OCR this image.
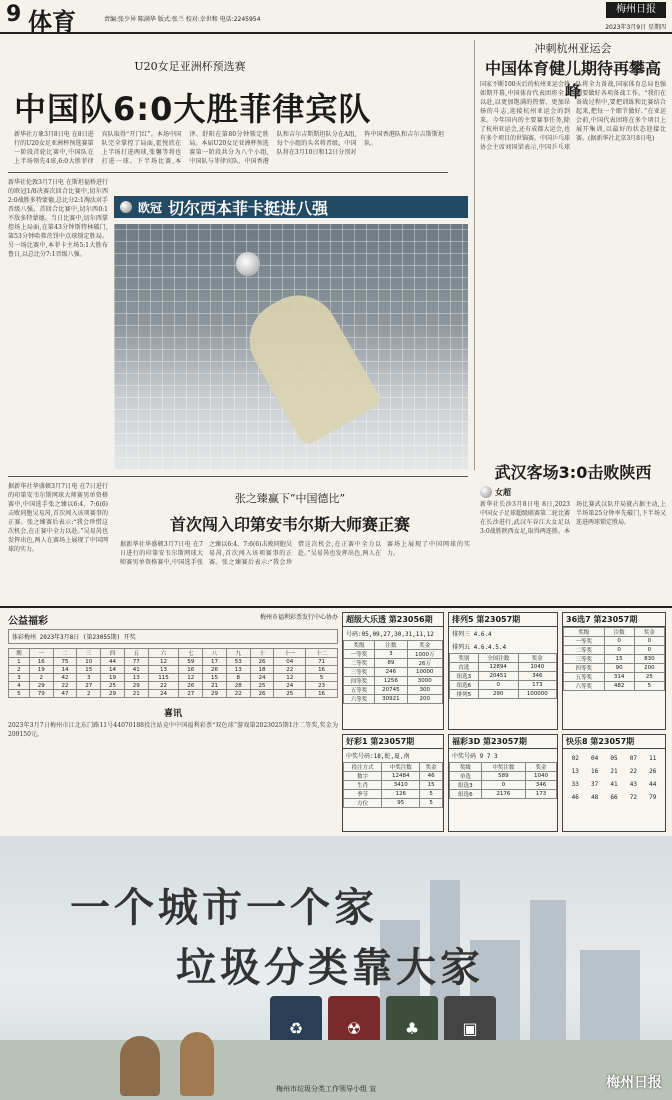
9 体育	责编:张少异 陈满华 版式:张兰 校对:幸世和 电话:2245954
梅州日报
2023年3月9日 星期四
U20女足亚洲杯预选赛
中国队6:0大胜菲律宾队
新华社万象3月8日电 在8日进行的U20女足亚洲杯预选赛第一阶段首轮比赛中,中国队在上半场领先4球,6:0大胜菲律宾队取得“开门红”。本场中国队完全掌控了局面,霍悦欣在上半场打进两球,张馨等将也打进一球。下半场比赛,本泽、舒阳在第80分钟锁定胜局。本届U20女足亚洲杯预选赛第一阶段共分为八个小组,中国队与菲律宾队、中国香港队和吉尔吉斯斯坦队分在A组,每个小组的头名将晋级。中国队将在3月10日和12日分别对阵中国香港队和吉尔吉斯斯坦队。
新华社伦敦3月7日电 在斯坦福桥进行的欧冠1/8决赛次回合比赛中,切尔西2:0战胜多特蒙德,总比分2:1淘汰对手晋级八强。首回合比赛中,切尔西0:1不敌多特蒙德。当日比赛中,切尔西掌控场上局面,在第43分钟斯特林破门,第53分钟哈弗茨罚中点球锁定胜局。另一场比赛中,本菲卡主场5:1大胜布鲁日,以总比分7:1晋级八强。
欧冠 切尔西本菲卡挺进八强
冲刺杭州亚运会
中国体育健儿期待再攀高峰
国家不断100天后的杭州亚运会将如期开幕,中国体育代表团将全力以赴,以更加饱满的热情、更加昂扬的斗志,迎接杭州亚运会的到来。今年国内的主要赛事任务,除了杭州亚运会,还有成都大运会,也有多个项目的世锦赛。中国乒乓球协会主席刘国梁表示,中国乒乓球队将全力备战,国家体育总局也强调要做好各项备战工作。“我们在备战过程中,要把训练和比赛结合起来,把每一个细节做好。”在亚运会前,中国代表团将在多个项目上展开集训,以最好的状态迎接比赛。(据新华社北京3月8日电)
武汉客场3:0击败陕西
女超
新华社长沙3月8日电 8日,2023中国女子足球超级联赛第二轮比赛在长沙进行,武汉车谷江大女足以3:0战胜陕西女足,取得两连胜。本场比赛武汉队开局就占据主动,上半场第25分钟率先破门,下半场又连进两球锁定胜局。
据新华社华盛顿3月7日电 在7日进行的印第安韦尔斯网球大师赛男单资格赛中,中国选手张之臻以6:4、7:6(6)击败同胞吴易昺,首次闯入该项赛事的正赛。张之臻赛后表示:“我会珍惜这次机会,在正赛中全力以赴。”吴易昺也发挥出色,两人在赛场上展现了中国网球的实力。
张之臻赢下“中国德比”
首次闯入印第安韦尔斯大师赛正赛
据新华社华盛顿3月7日电 在7日进行的印第安韦尔斯网球大师赛男单资格赛中,中国选手张之臻以6:4、7:6(6)击败同胞吴易昺,首次闯入该项赛事的正赛。张之臻赛后表示:“我会珍惜这次机会,在正赛中全力以赴。”吴易昺也发挥出色,两人在赛场上展现了中国网球的实力。
公益福彩	梅州市福利彩票发行中心协办
体彩梅州 2023年3月8日 (第23055期) 开奖
期	一	二	三	四	五	六	七	八	九	十	十一	十二
1	16	75	10	44	77	12	59	17	53	26	04	71
2	19	14	15	14	41	13	16	26	13	18	22	16
3	2	42	3	19	13	115	12	15	8	24	12	5
4	29	22	27	25	29	22	26	21	28	25	24	23
5	79	47	2	29	21	24	27	29	22	26	25	16
喜讯
2023年3月7日梅州市江北东门路11号44070188投注站竞中中国福利彩票“双色球”游戏第2023025期1注二等奖,奖金为209150元。
超级大乐透 第23056期
号码:05,09,27,30,31,11,12
奖级	注数	奖金
一等奖	3	1000万
二等奖	89	26万
三等奖	246	10000
四等奖	1256	3000
五等奖	20745	300
六等奖	30921	200
排列5 第23057期
排列三 4.6.4
排列五 4.6.4.5.4
奖别	全国注数	奖金
直选	12894	1040
组选3	20451	346
组选6	0	173
排列5	290	100000
36选7 第23057期
奖级	注数	奖金
一等奖	0	0
二等奖	0	0
三等奖	15	830
四等奖	90	200
五等奖	314	25
六等奖	482	5
好彩1 第23057期
中奖号码:18,蛇,夏,南
投注方式	中奖注数	奖金
数字	12484	46
生肖	3410	15
季节	126	5
方位	95	5
福彩3D 第23057期
中奖号码 9 7 3
奖级	中奖注数	奖金
单选	589	1040
组选3	0	346
组选6	2176	173
快乐8 第23057期
02	04	05	07	11
13	16	21	22	26
33	37	41	43	44
46	48	66	72	79
一个城市一个家
垃圾分类靠大家
♻	☢	♣	▣
梅州市垃圾分类工作领导小组 宣	梅州日报
